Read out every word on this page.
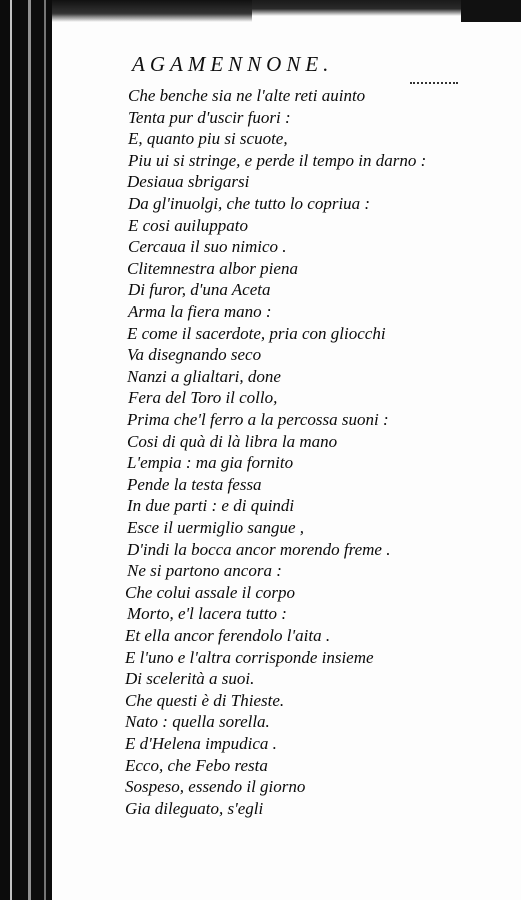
AGAMENNONE.
Che benche sia ne l'alte reti auinto
Tenta pur d'uscir fuori :
E, quanto piu si scuote,
Piu ui si stringe, e perde il tempo in darno :
Desiaua sbrigarsi
Da gl'inuolgi, che tutto lo copriua :
E cosi auiluppato
Cercaua il suo nimico .
Clitemnestra albor piena
Di furor, d'una Aceta
Arma la fiera mano :
E come il sacerdote, pria con gliocchi
Va disegnando seco
Nanzi a glialtari, done
Fera del Toro il collo,
Prima che'l ferro a la percossa suoni :
Cosi di quà di là libra la mano
L'empia : ma gia fornito
Pende la testa fessa
In due parti : e di quindi
Esce il uermiglio sangue ,
D'indi la bocca ancor morendo freme .
Ne si partono ancora :
Che colui assale il corpo
Morto, e'l lacera tutto :
Et ella ancor ferendolo l'aita .
E l'uno e l'altra corrisponde insieme
Di scelerità a suoi.
Che questi è di Thieste.
Nato : quella sorella.
E d'Helena impudica .
Ecco, che Febo resta
Sospeso, essendo il giorno
Gia dileguato, s'egli
